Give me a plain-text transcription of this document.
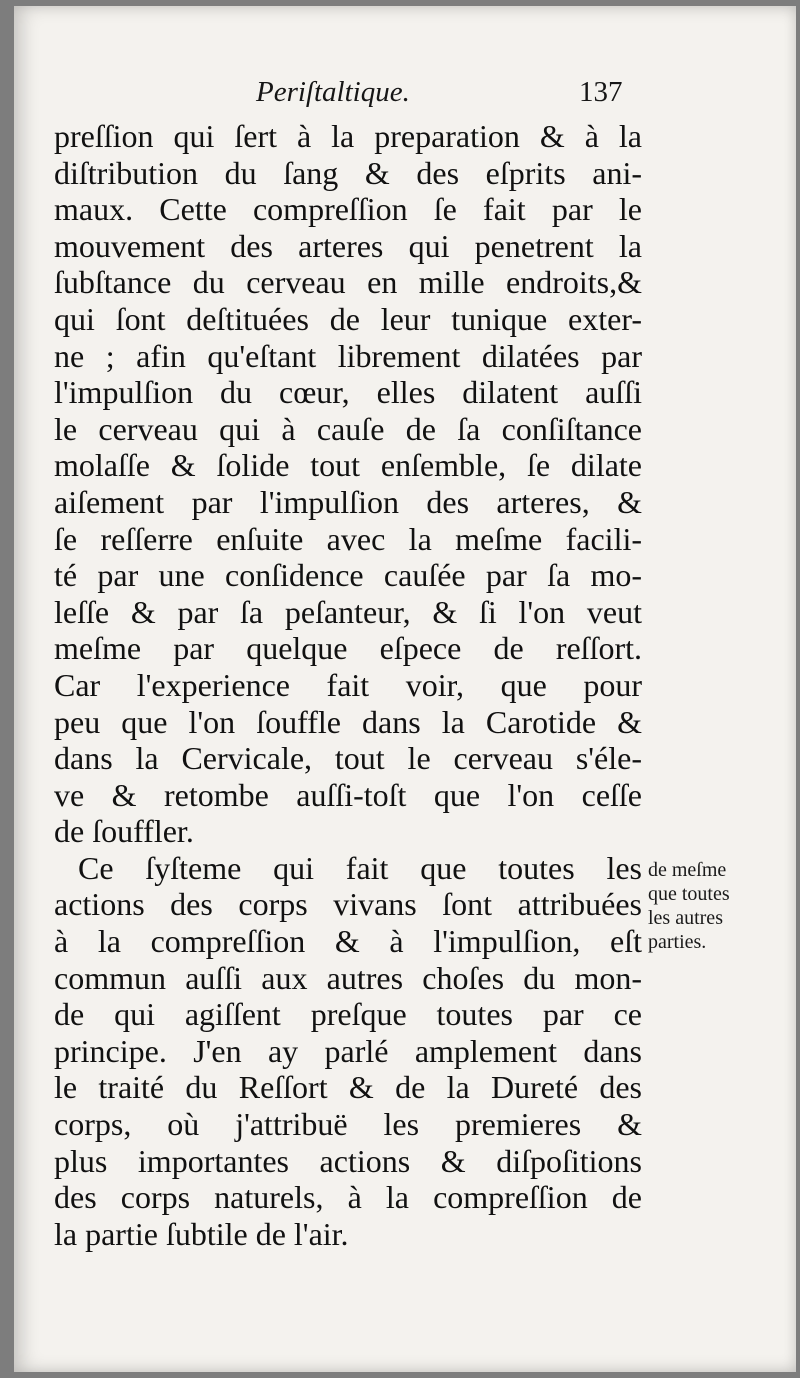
Periſtaltique.	137
preſſion qui ſert à la preparation & à la
diſtribution du ſang & des eſprits ani-
maux. Cette compreſſion ſe fait par le
mouvement des arteres qui penetrent la
ſubſtance du cerveau en mille endroits,&
qui ſont deſtituées de leur tunique exter-
ne ; afin qu'eſtant librement dilatées par
l'impulſion du cœur, elles dilatent auſſi
le cerveau qui à cauſe de ſa conſiſtance
molaſſe & ſolide tout enſemble, ſe dilate
aiſement par l'impulſion des arteres, &
ſe reſſerre enſuite avec la meſme facili-
té par une conſidence cauſée par ſa mo-
leſſe & par ſa peſanteur, & ſi l'on veut
meſme par quelque eſpece de reſſort.
Car l'experience fait voir, que pour
peu que l'on ſouffle dans la Carotide &
dans la Cervicale, tout le cerveau s'éle-
ve & retombe auſſi-toſt que l'on ceſſe
de ſouffler.
Ce ſyſteme qui fait que toutes les
actions des corps vivans ſont attribuées
à la compreſſion & à l'impulſion, eſt
commun auſſi aux autres choſes du mon-
de qui agiſſent preſque toutes par ce
principe. J'en ay parlé amplement dans
le traité du Reſſort & de la Dureté des
corps, où j'attribuë les premieres &
plus importantes actions & diſpoſitions
des corps naturels, à la compreſſion de
la partie ſubtile de l'air.
de meſme
que toutes
les autres
parties.
